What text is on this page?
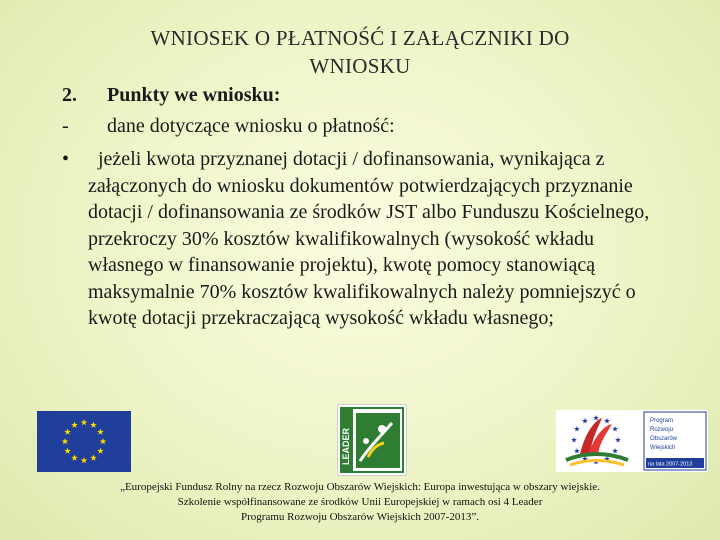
WNIOSEK O PŁATNOŚĆ I ZAŁĄCZNIKI DO WNIOSKU
2. Punkty we wniosku:
- dane dotyczące wniosku o płatność:
•	jeżeli kwota przyznanej dotacji / dofinansowania, wynikająca z załączonych do wniosku dokumentów potwierdzających przyznanie dotacji / dofinansowania ze środków JST albo Funduszu Kościelnego, przekroczy 30% kosztów kwalifikowalnych (wysokość wkładu własnego w finansowanie projektu), kwotę pomocy stanowiącą maksymalnie 70% kosztów kwalifikowalnych należy pomniejszyć o kwotę dotacji przekraczającą wysokość wkładu własnego;
LEADER
Program Rozwoju Obszarów Wiejskich
na lata 2007-2013
„Europejski Fundusz Rolny na rzecz Rozwoju Obszarów Wiejskich: Europa inwestująca w obszary wiejskie.
Szkolenie współfinansowane ze środków Unii Europejskiej w ramach osi 4 Leader
Programu Rozwoju Obszarów Wiejskich 2007-2013”.
